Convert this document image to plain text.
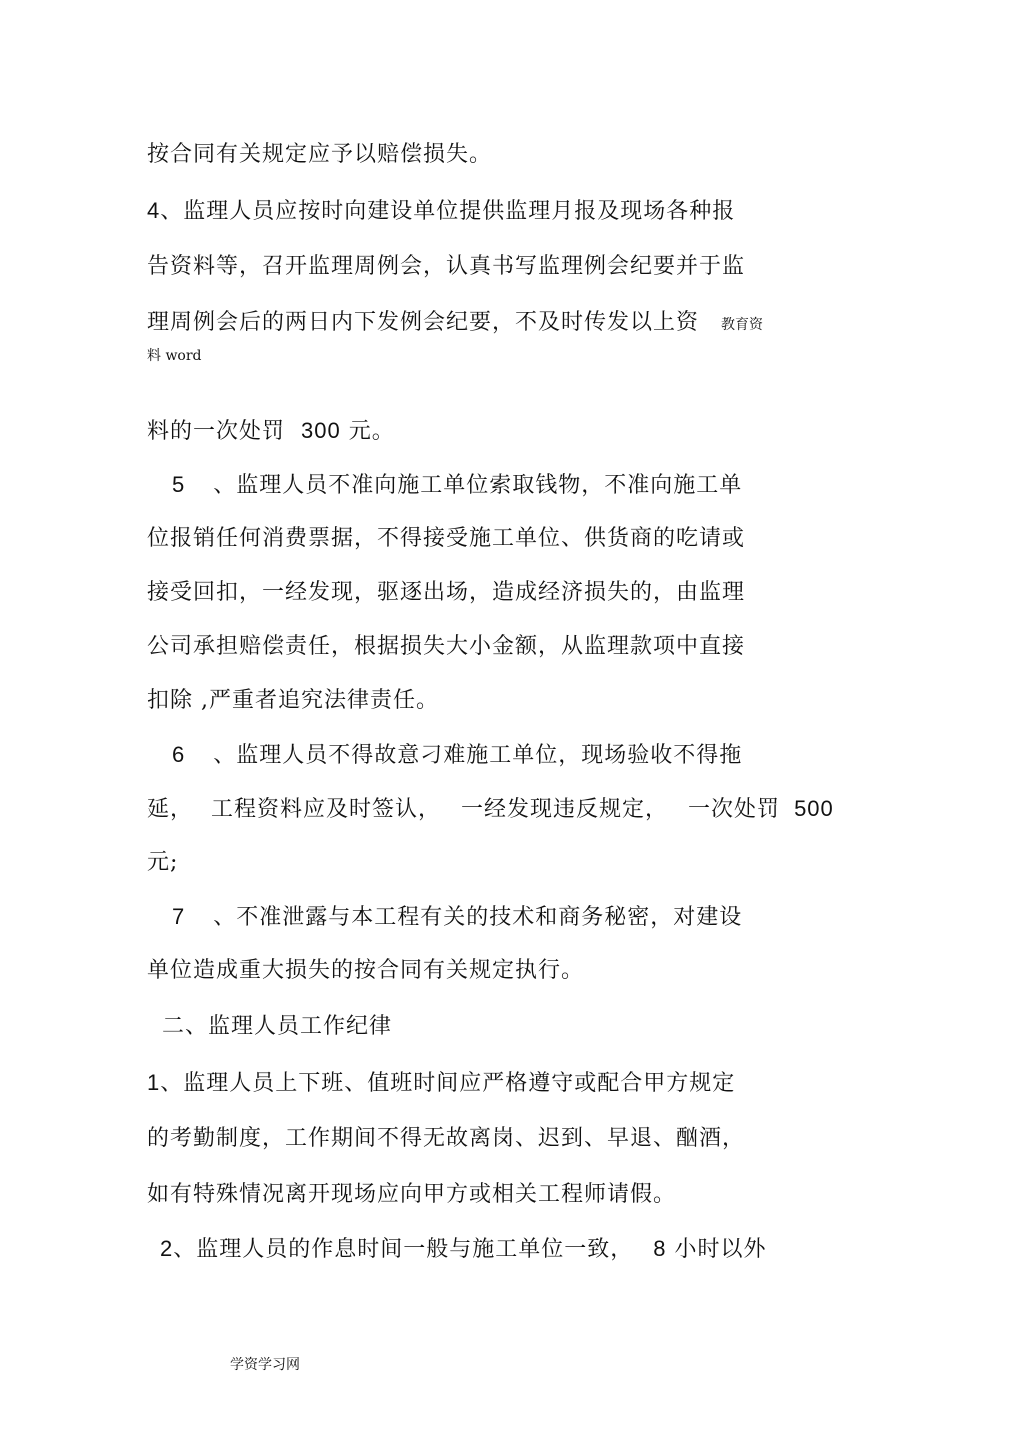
按合同有关规定应予以赔偿损失。
4、监理人员应按时向建设单位提供监理月报及现场各种报
告资料等，召开监理周例会，认真书写监理例会纪要并于监
理周例会后的两日内下发例会纪要，不及时传发以上资 教育资
料 word
料的一次处罚 300 元。
5 、监理人员不准向施工单位索取钱物，不准向施工单
位报销任何消费票据，不得接受施工单位、供货商的吃请或
接受回扣，一经发现，驱逐出场，造成经济损失的，由监理
公司承担赔偿责任，根据损失大小金额，从监理款项中直接
扣除 ,严重者追究法律责任。
6 、监理人员不得故意刁难施工单位，现场验收不得拖
延， 工程资料应及时签认， 一经发现违反规定， 一次处罚 500
元;
7 、不准泄露与本工程有关的技术和商务秘密，对建设
单位造成重大损失的按合同有关规定执行。
二、监理人员工作纪律
1、监理人员上下班、值班时间应严格遵守或配合甲方规定
的考勤制度，工作期间不得无故离岗、迟到、早退、酗酒，
如有特殊情况离开现场应向甲方或相关工程师请假。
2、监理人员的作息时间一般与施工单位一致， 8 小时以外
学资学习网
